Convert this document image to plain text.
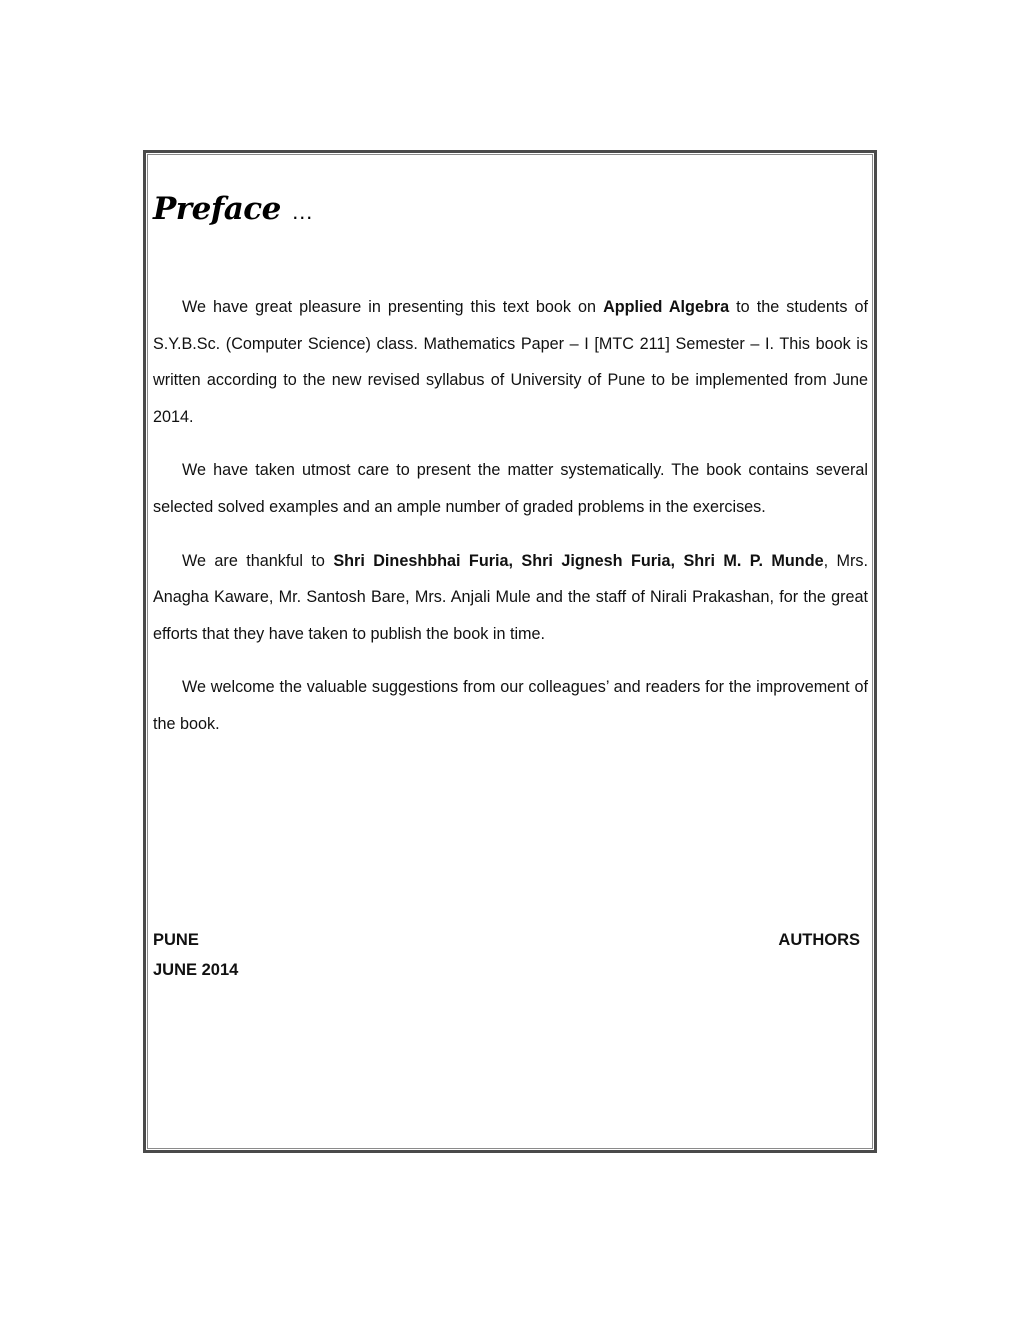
Preface …

We have great pleasure in presenting this text book on Applied Algebra to the students of S.Y.B.Sc. (Computer Science) class. Mathematics Paper – I [MTC 211] Semester – I. This book is written according to the new revised syllabus of University of Pune to be implemented from June 2014.

We have taken utmost care to present the matter systematically. The book contains several selected solved examples and an ample number of graded problems in the exercises.

We are thankful to Shri Dineshbhai Furia, Shri Jignesh Furia, Shri M. P. Munde, Mrs. Anagha Kaware, Mr. Santosh Bare, Mrs. Anjali Mule and the staff of Nirali Prakashan, for the great efforts that they have taken to publish the book in time.

We welcome the valuable suggestions from our colleagues’ and readers for the improvement of the book.

PUNE	AUTHORS
JUNE 2014
